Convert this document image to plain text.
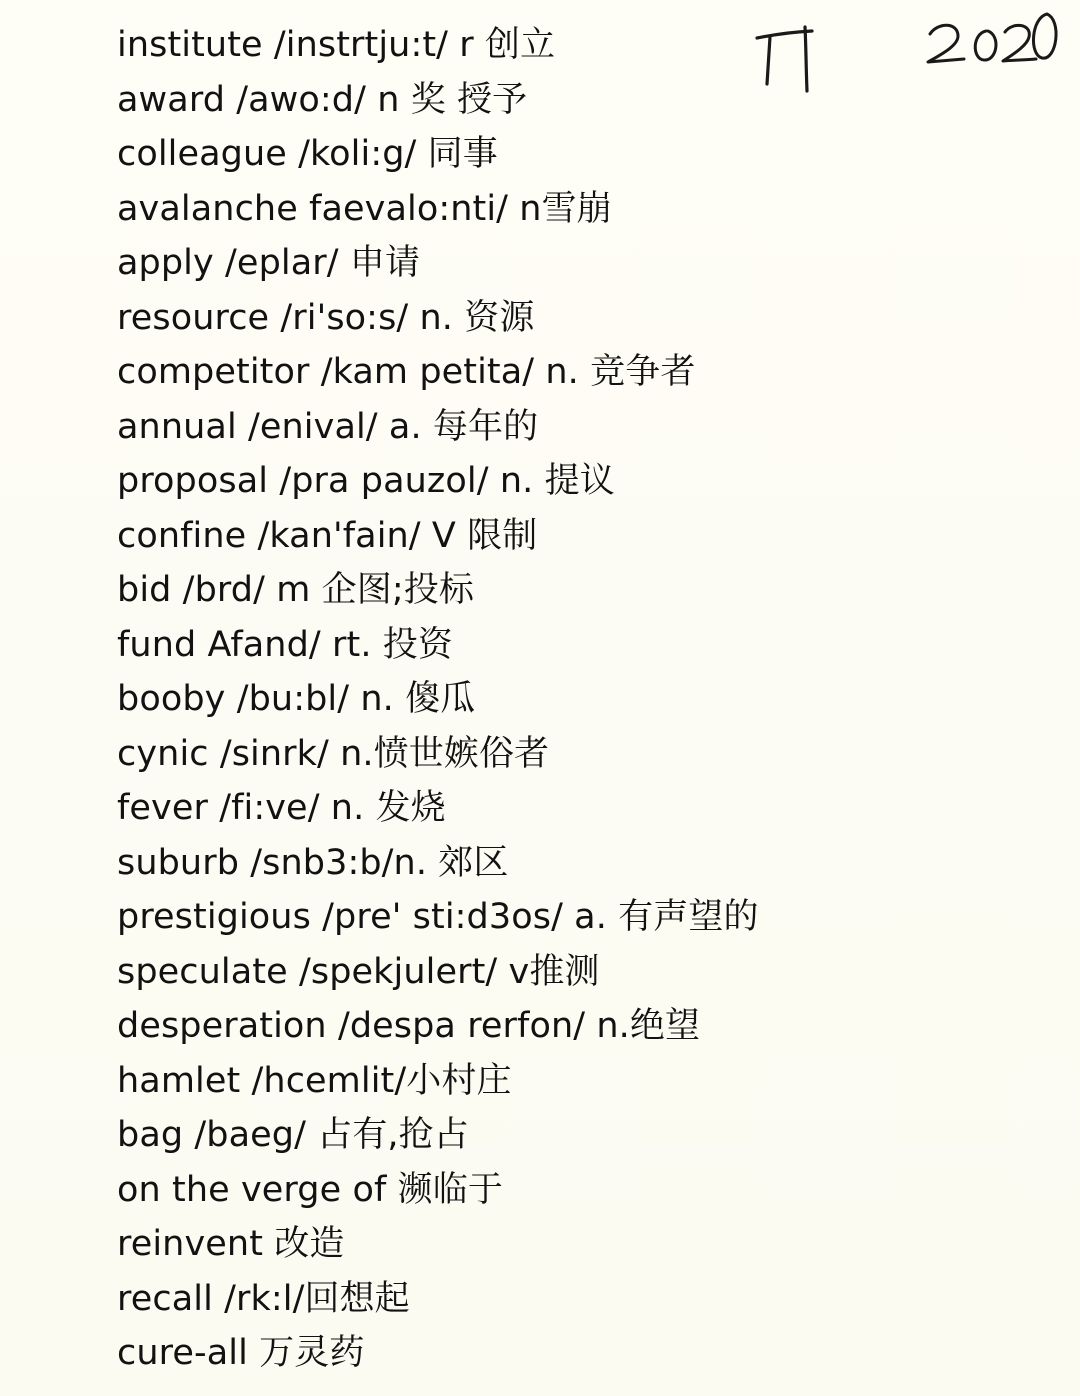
institute /instrtju:t/ r 创立
award /awo:d/ n 奖 授予
colleague /koli:g/ 同事
avalanche faevalo:nti/ n雪崩
apply /eplar/ 申请
resource /ri'so:s/ n. 资源
competitor /kam petita/ n. 竞争者
annual /enival/ a. 每年的
proposal /pra pauzol/ n. 提议
confine /kan'fain/ V 限制
bid /brd/ m 企图;投标
fund Afand/ rt. 投资
booby /bu:bl/ n. 傻瓜
cynic /sinrk/ n.愤世嫉俗者
fever /fi:ve/ n. 发烧
suburb /snb3:b/n. 郊区
prestigious /pre' sti:d3os/ a. 有声望的
speculate /spekjulert/ v推测
desperation /despa rerfon/ n.绝望
hamlet /hcemlit/小村庄
bag /baeg/ 占有,抢占
on the verge of 濒临于
reinvent 改造
recall /rk:l/回想起
cure-all 万灵药
